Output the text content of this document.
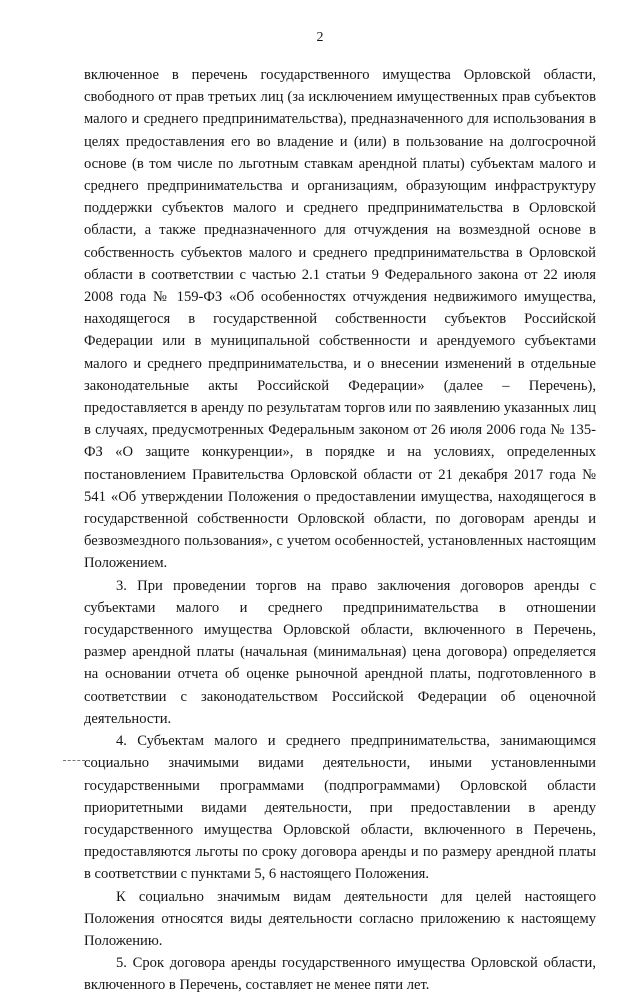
2

включенное в перечень государственного имущества Орловской области, свободного от прав третьих лиц (за исключением имущественных прав субъектов малого и среднего предпринимательства), предназначенного для использования в целях предоставления его во владение и (или) в пользование на долгосрочной основе (в том числе по льготным ставкам арендной платы) субъектам малого и среднего предпринимательства и организациям, образующим инфраструктуру поддержки субъектов малого и среднего предпринимательства в Орловской области, а также предназначенного для отчуждения на возмездной основе в собственность субъектов малого и среднего предпринимательства в Орловской области в соответствии с частью 2.1 статьи 9 Федерального закона от 22 июля 2008 года № 159-ФЗ «Об особенностях отчуждения недвижимого имущества, находящегося в государственной собственности субъектов Российской Федерации или в муниципальной собственности и арендуемого субъектами малого и среднего предпринимательства, и о внесении изменений в отдельные законодательные акты Российской Федерации» (далее – Перечень), предоставляется в аренду по результатам торгов или по заявлению указанных лиц в случаях, предусмотренных Федеральным законом от 26 июля 2006 года № 135-ФЗ «О защите конкуренции», в порядке и на условиях, определенных постановлением Правительства Орловской области от 21 декабря 2017 года № 541 «Об утверждении Положения о предоставлении имущества, находящегося в государственной собственности Орловской области, по договорам аренды и безвозмездного пользования», с учетом особенностей, установленных настоящим Положением.

3. При проведении торгов на право заключения договоров аренды с субъектами малого и среднего предпринимательства в отношении государственного имущества Орловской области, включенного в Перечень, размер арендной платы (начальная (минимальная) цена договора) определяется на основании отчета об оценке рыночной арендной платы, подготовленного в соответствии с законодательством Российской Федерации об оценочной деятельности.

4. Субъектам малого и среднего предпринимательства, занимающимся социально значимыми видами деятельности, иными установленными государственными программами (подпрограммами) Орловской области приоритетными видами деятельности, при предоставлении в аренду государственного имущества Орловской области, включенного в Перечень, предоставляются льготы по сроку договора аренды и по размеру арендной платы в соответствии с пунктами 5, 6 настоящего Положения.

К социально значимым видам деятельности для целей настоящего Положения относятся виды деятельности согласно приложению к настоящему Положению.

5. Срок договора аренды государственного имущества Орловской области, включенного в Перечень, составляет не менее пяти лет.
